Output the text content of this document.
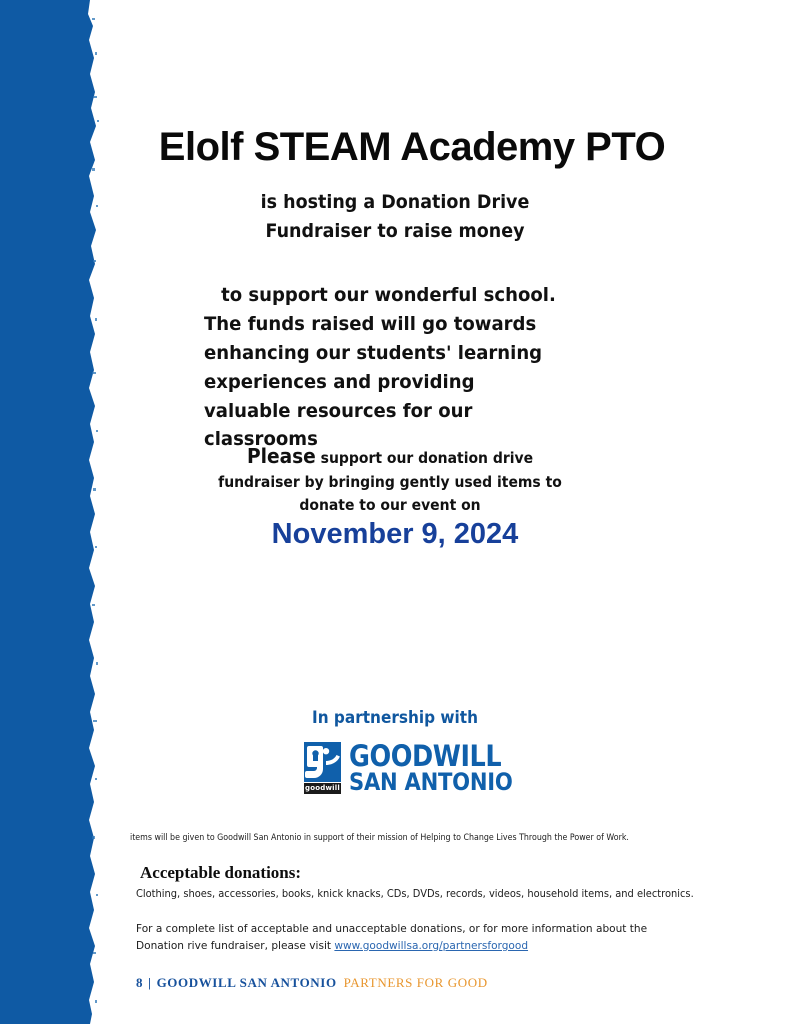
Elolf STEAM Academy PTO
is hosting a Donation Drive
Fundraiser to raise money

to support our wonderful school. The funds raised will go towards enhancing our students' learning experiences and providing valuable resources for our classrooms

Please support our donation drive fundraiser by bringing gently used items to donate to our event on

November 9, 2024
In partnership with
goodwill
GOODWILL
SAN ANTONIO
items will be given to Goodwill San Antonio in support of their mission of Helping to Change Lives Through the Power of Work.
Acceptable donations:
Clothing, shoes, accessories, books, knick knacks, CDs, DVDs, records, videos, household items, and electronics.

For a complete list of acceptable and unacceptable donations, or for more information about the Donation rive fundraiser, please visit www.goodwillsa.org/partnersforgood

8 | GOODWILL SAN ANTONIO PARTNERS FOR GOOD
